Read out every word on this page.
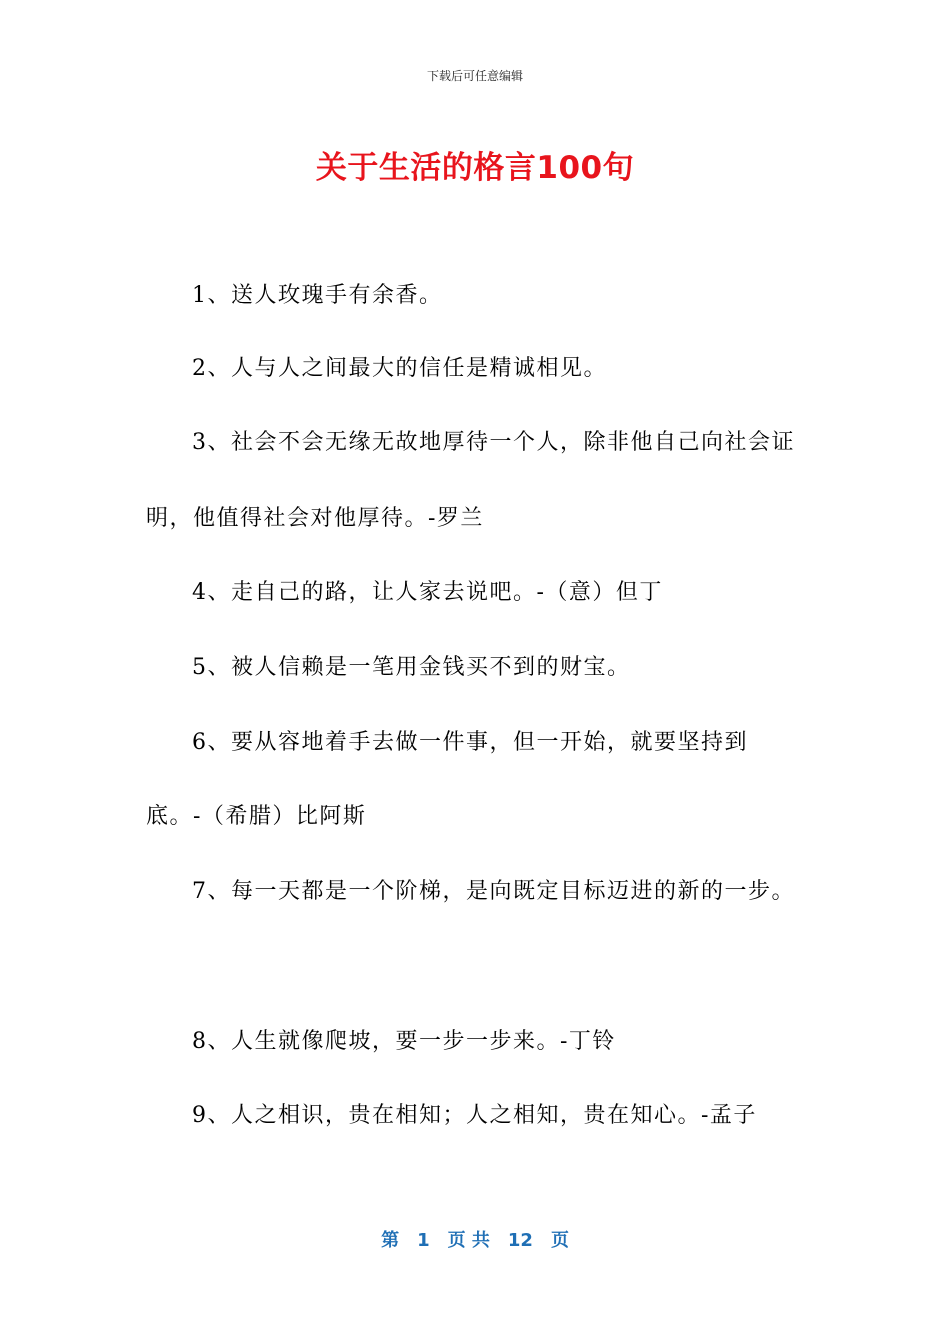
下载后可任意编辑
关于生活的格言100句
1、送人玫瑰手有余香。
2、人与人之间最大的信任是精诚相见。
3、社会不会无缘无故地厚待一个人，除非他自己向社会证
明，他值得社会对他厚待。-罗兰
4、走自己的路，让人家去说吧。-（意）但丁
5、被人信赖是一笔用金钱买不到的财宝。
6、要从容地着手去做一件事，但一开始，就要坚持到
底。-（希腊）比阿斯
7、每一天都是一个阶梯，是向既定目标迈进的新的一步。
8、人生就像爬坡，要一步一步来。-丁铃
9、人之相识，贵在相知；人之相知，贵在知心。-孟子
第 1 页 共 12 页
